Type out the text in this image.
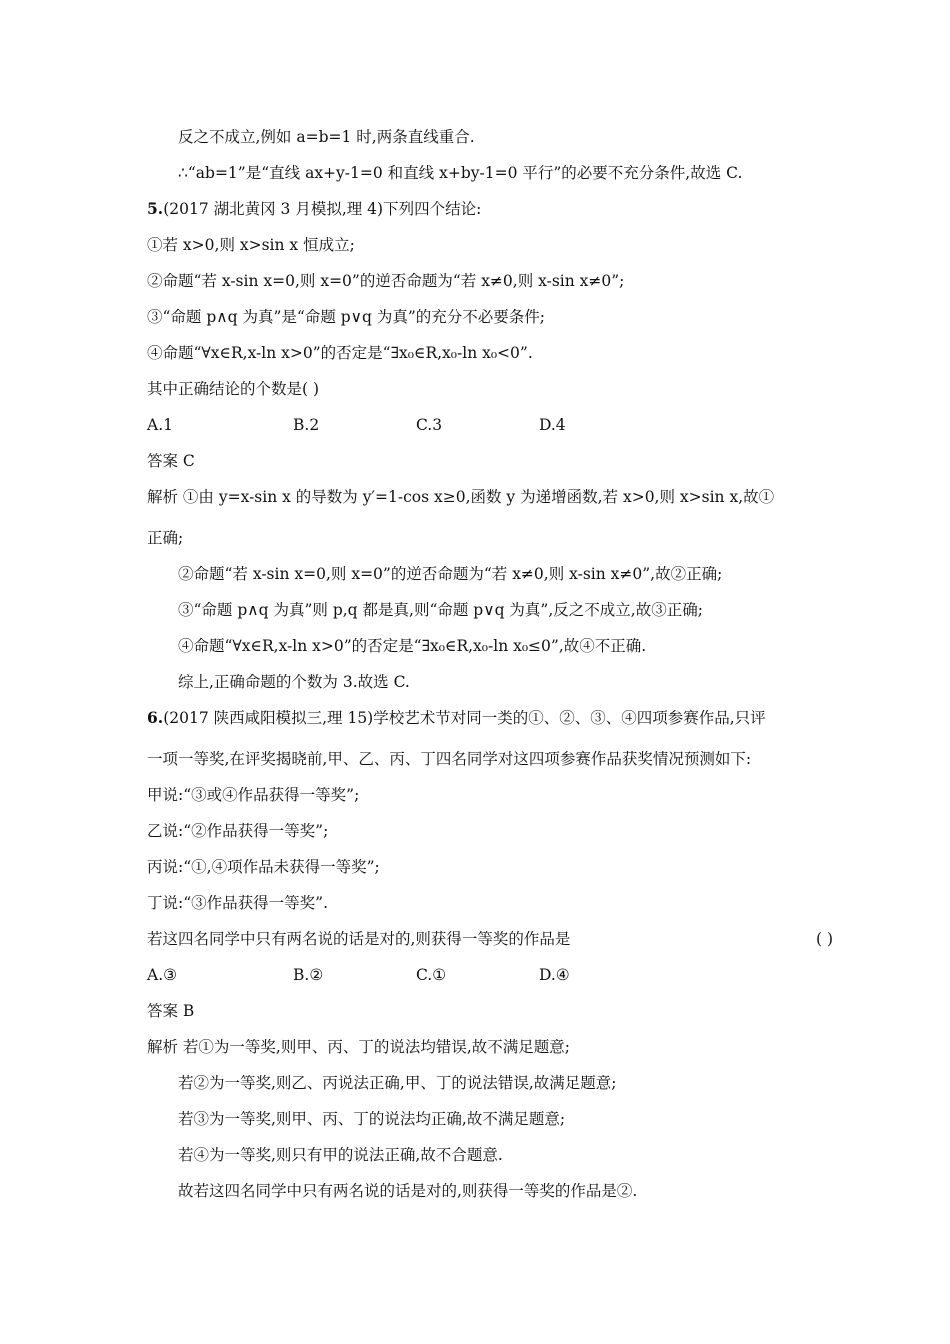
反之不成立,例如 a=b=1 时,两条直线重合.
∴“ab=1”是“直线 ax+y-1=0 和直线 x+by-1=0 平行”的必要不充分条件,故选 C.
5.(2017 湖北黄冈 3 月模拟,理 4)下列四个结论:
①若 x>0,则 x>sin x 恒成立;
②命题“若 x-sin x=0,则 x=0”的逆否命题为“若 x≠0,则 x-sin x≠0”;
③“命题 p∧q 为真”是“命题 p∨q 为真”的充分不必要条件;
④命题“∀x∈R,x-ln x>0”的否定是“∃x₀∈R,x₀-ln x₀<0”.
其中正确结论的个数是( )
A.1	B.2	C.3	D.4
答案 C
解析 ①由 y=x-sin x 的导数为 y′=1-cos x≥0,函数 y 为递增函数,若 x>0,则 x>sin x,故①
正确;
②命题“若 x-sin x=0,则 x=0”的逆否命题为“若 x≠0,则 x-sin x≠0”,故②正确;
③“命题 p∧q 为真”则 p,q 都是真,则“命题 p∨q 为真”,反之不成立,故③正确;
④命题“∀x∈R,x-ln x>0”的否定是“∃x₀∈R,x₀-ln x₀≤0”,故④不正确.
综上,正确命题的个数为 3.故选 C.
6.(2017 陕西咸阳模拟三,理 15)学校艺术节对同一类的①、②、③、④四项参赛作品,只评
一项一等奖,在评奖揭晓前,甲、乙、丙、丁四名同学对这四项参赛作品获奖情况预测如下:
甲说:“③或④作品获得一等奖”;
乙说:“②作品获得一等奖”;
丙说:“①,④项作品未获得一等奖”;
丁说:“③作品获得一等奖”.
若这四名同学中只有两名说的话是对的,则获得一等奖的作品是	( )
A.③	B.②	C.①	D.④
答案 B
解析 若①为一等奖,则甲、丙、丁的说法均错误,故不满足题意;
若②为一等奖,则乙、丙说法正确,甲、丁的说法错误,故满足题意;
若③为一等奖,则甲、丙、丁的说法均正确,故不满足题意;
若④为一等奖,则只有甲的说法正确,故不合题意.
故若这四名同学中只有两名说的话是对的,则获得一等奖的作品是②.
